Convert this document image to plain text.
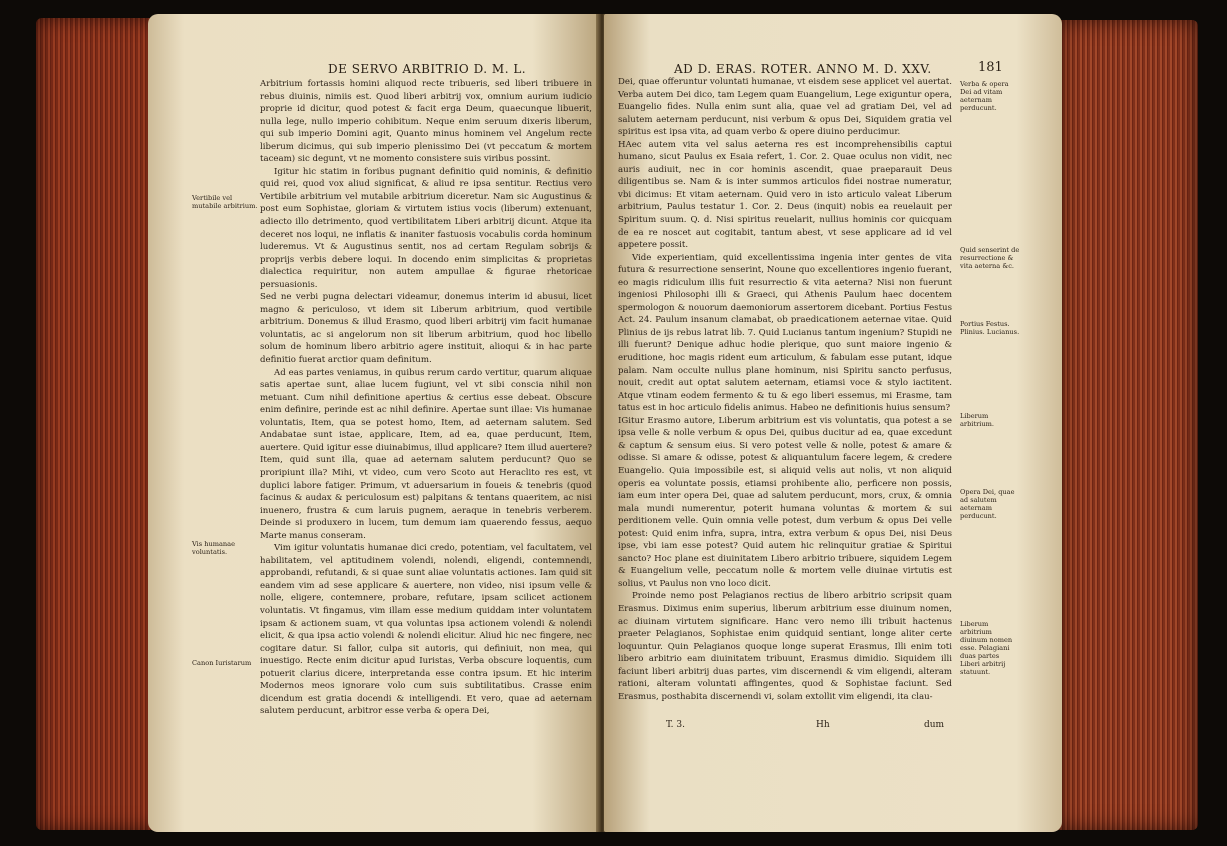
DE SERVO ARBITRIO D. M. L.

Arbitrium fortassis homini aliquod recte tribueris, sed liberi tribuere in rebus diuinis, nimiis est. Quod liberi arbitrij vox, omnium aurium iudicio proprie id dicitur, quod potest & facit erga Deum, quaecunque libuerit, nulla lege, nullo imperio cohibitum. Neque enim seruum dixeris liberum, qui sub imperio Domini agit, Quanto minus hominem vel Angelum recte liberum dicimus, qui sub imperio plenissimo Dei (vt peccatum & mortem taceam) sic degunt, vt ne momento consistere suis viribus possint.

Igitur hic statim in foribus pugnant definitio quid nominis, & definitio quid rei, quod vox aliud significat, & aliud re ipsa sentitur. Rectius vero Vertibile arbitrium vel mutabile arbitrium diceretur. Nam sic Augustinus & post eum Sophistae, gloriam & virtutem istius vocis (liberum) extenuant, adiecto illo detrimento, quod vertibilitatem Liberi arbitrij dicunt. Atque ita deceret nos loqui, ne inflatis & inaniter fastuosis vocabulis corda hominum luderemus. Vt & Augustinus sentit, nos ad certam Regulam sobrijs & proprijs verbis debere loqui. In docendo enim simplicitas & proprietas dialectica requiritur, non autem ampullae & figurae rhetoricae persuasionis.

Sed ne verbi pugna delectari videamur, donemus interim id abusui, licet magno & periculoso, vt idem sit Liberum arbitrium, quod vertibile arbitrium. Donemus & illud Erasmo, quod liberi arbitrij vim facit humanae voluntatis, ac si angelorum non sit liberum arbitrium, quod hoc libello solum de hominum libero arbitrio agere instituit, alioqui & in hac parte definitio fuerat arctior quam definitum.

Ad eas partes veniamus, in quibus rerum cardo vertitur, quarum aliquae satis apertae sunt, aliae lucem fugiunt, vel vt sibi conscia nihil non metuant. Cum nihil definitione apertius & certius esse debeat. Obscure enim definire, perinde est ac nihil definire. Apertae sunt illae: Vis humanae voluntatis, Item, qua se potest homo, Item, ad aeternam salutem. Sed Andabatae sunt istae, applicare, Item, ad ea, quae perducunt, Item, auertere. Quid igitur esse diuinabimus, illud applicare? Item illud auertere? Item, quid sunt illa, quae ad aeternam salutem perducunt? Quo se proripiunt illa? Mihi, vt video, cum vero Scoto aut Heraclito res est, vt duplici labore fatiger. Primum, vt aduersarium in foueis & tenebris (quod facinus & audax & periculosum est) palpitans & tentans quaeritem, ac nisi inuenero, frustra & cum laruis pugnem, aeraque in tenebris verberem. Deinde si produxero in lucem, tum demum iam quaerendo fessus, aequo Marte manus conseram.

Vim igitur voluntatis humanae dici credo, potentiam, vel facultatem, vel habilitatem, vel aptitudinem volendi, nolendi, eligendi, contemnendi, approbandi, refutandi, & si quae sunt aliae voluntatis actiones. Iam quid sit eandem vim ad sese applicare & auertere, non video, nisi ipsum velle & nolle, eligere, contemnere, probare, refutare, ipsam scilicet actionem voluntatis. Vt fingamus, vim illam esse medium quiddam inter voluntatem ipsam & actionem suam, vt qua voluntas ipsa actionem volendi & nolendi elicit, & qua ipsa actio volendi & nolendi elicitur. Aliud hic nec fingere, nec cogitare datur. Si fallor, culpa sit autoris, qui definiuit, non mea, qui inuestigo. Recte enim dicitur apud Iuristas, Verba obscure loquentis, cum potuerit clarius dicere, interpretanda esse contra ipsum. Et hic interim Modernos meos ignorare volo cum suis subtilitatibus. Crasse enim dicendum est gratia docendi & intelligendi. Et vero, quae ad aeternam salutem perducunt, arbitror esse verba & opera Dei,

Vertibile vel mutabile arbitrium.
Vis humanae voluntatis.
Canon Iuristarum
AD D. ERAS. ROTER. ANNO M. D. XXV.	181

Dei, quae offeruntur voluntati humanae, vt eisdem sese applicet vel auertat. Verba autem Dei dico, tam Legem quam Euangelium, Lege exiguntur opera, Euangelio fides. Nulla enim sunt alia, quae vel ad gratiam Dei, vel ad salutem aeternam perducunt, nisi verbum & opus Dei, Siquidem gratia vel spiritus est ipsa vita, ad quam verbo & opere diuino perducimur.

HAec autem vita vel salus aeterna res est incomprehensibilis captui humano, sicut Paulus ex Esaia refert, 1. Cor. 2. Quae oculus non vidit, nec auris audiuit, nec in cor hominis ascendit, quae praeparauit Deus diligentibus se. Nam & is inter summos articulos fidei nostrae numeratur, vbi dicimus: Et vitam aeternam. Quid vero in isto articulo valeat Liberum arbitrium, Paulus testatur 1. Cor. 2. Deus (inquit) nobis ea reuelauit per Spiritum suum. Q. d. Nisi spiritus reuelarit, nullius hominis cor quicquam de ea re noscet aut cogitabit, tantum abest, vt sese applicare ad id vel appetere possit.

Vide experientiam, quid excellentissima ingenia inter gentes de vita futura & resurrectione senserint, Noune quo excellentiores ingenio fuerant, eo magis ridiculum illis fuit resurrectio & vita aeterna? Nisi non fuerunt ingeniosi Philosophi illi & Graeci, qui Athenis Paulum haec docentem spermologon & nouorum daemoniorum assertorem dicebant. Portius Festus Act. 24. Paulum insanum clamabat, ob praedicationem aeternae vitae. Quid Plinius de ijs rebus latrat lib. 7. Quid Lucianus tantum ingenium? Stupidi ne illi fuerunt? Denique adhuc hodie plerique, quo sunt maiore ingenio & eruditione, hoc magis rident eum articulum, & fabulam esse putant, idque palam. Nam occulte nullus plane hominum, nisi Spiritu sancto perfusus, nouit, credit aut optat salutem aeternam, etiamsi voce & stylo iactitent. Atque vtinam eodem fermento & tu & ego liberi essemus, mi Erasme, tam tatus est in hoc articulo fidelis animus. Habeo ne definitionis huius sensum?

IGitur Erasmo autore, Liberum arbitrium est vis voluntatis, qua potest a se ipsa velle & nolle verbum & opus Dei, quibus ducitur ad ea, quae excedunt & captum & sensum eius. Si vero potest velle & nolle, potest & amare & odisse. Si amare & odisse, potest & aliquantulum facere legem, & credere Euangelio. Quia impossibile est, si aliquid velis aut nolis, vt non aliquid operis ea voluntate possis, etiamsi prohibente alio, perficere non possis, iam eum inter opera Dei, quae ad salutem perducunt, mors, crux, & omnia mala mundi numerentur, poterit humana voluntas & mortem & sui perditionem velle. Quin omnia velle potest, dum verbum & opus Dei velle potest: Quid enim infra, supra, intra, extra verbum & opus Dei, nisi Deus ipse, vbi iam esse potest? Quid autem hic relinquitur gratiae & Spiritui sancto? Hoc plane est diuinitatem Libero arbitrio tribuere, siquidem Legem & Euangelium velle, peccatum nolle & mortem velle diuinae virtutis est solius, vt Paulus non vno loco dicit.

Proinde nemo post Pelagianos rectius de libero arbitrio scripsit quam Erasmus. Diximus enim superius, liberum arbitrium esse diuinum nomen, ac diuinam virtutem significare. Hanc vero nemo illi tribuit hactenus praeter Pelagianos, Sophistae enim quidquid sentiant, longe aliter certe loquuntur. Quin Pelagianos quoque longe superat Erasmus, Illi enim toti libero arbitrio eam diuinitatem tribuunt, Erasmus dimidio. Siquidem illi faciunt liberi arbitrij duas partes, vim discernendi & vim eligendi, alteram rationi, alteram voluntati affingentes, quod & Sophistae faciunt. Sed Erasmus, posthabita discernendi vi, solam extollit vim eligendi, ita clau-

Verba & opera Dei ad vitam aeternam perducunt.
Quid senserint de resurrectione & vita aeterna &c.
Portius Festus. Plinius. Lucianus.
Liberum arbitrium.
Opera Dei, quae ad salutem aeternam perducunt.
Liberum arbitrium diuinum nomen esse. Pelagiani duas partes Liberi arbitrij statuunt.
T. 3.	Hh	dum
